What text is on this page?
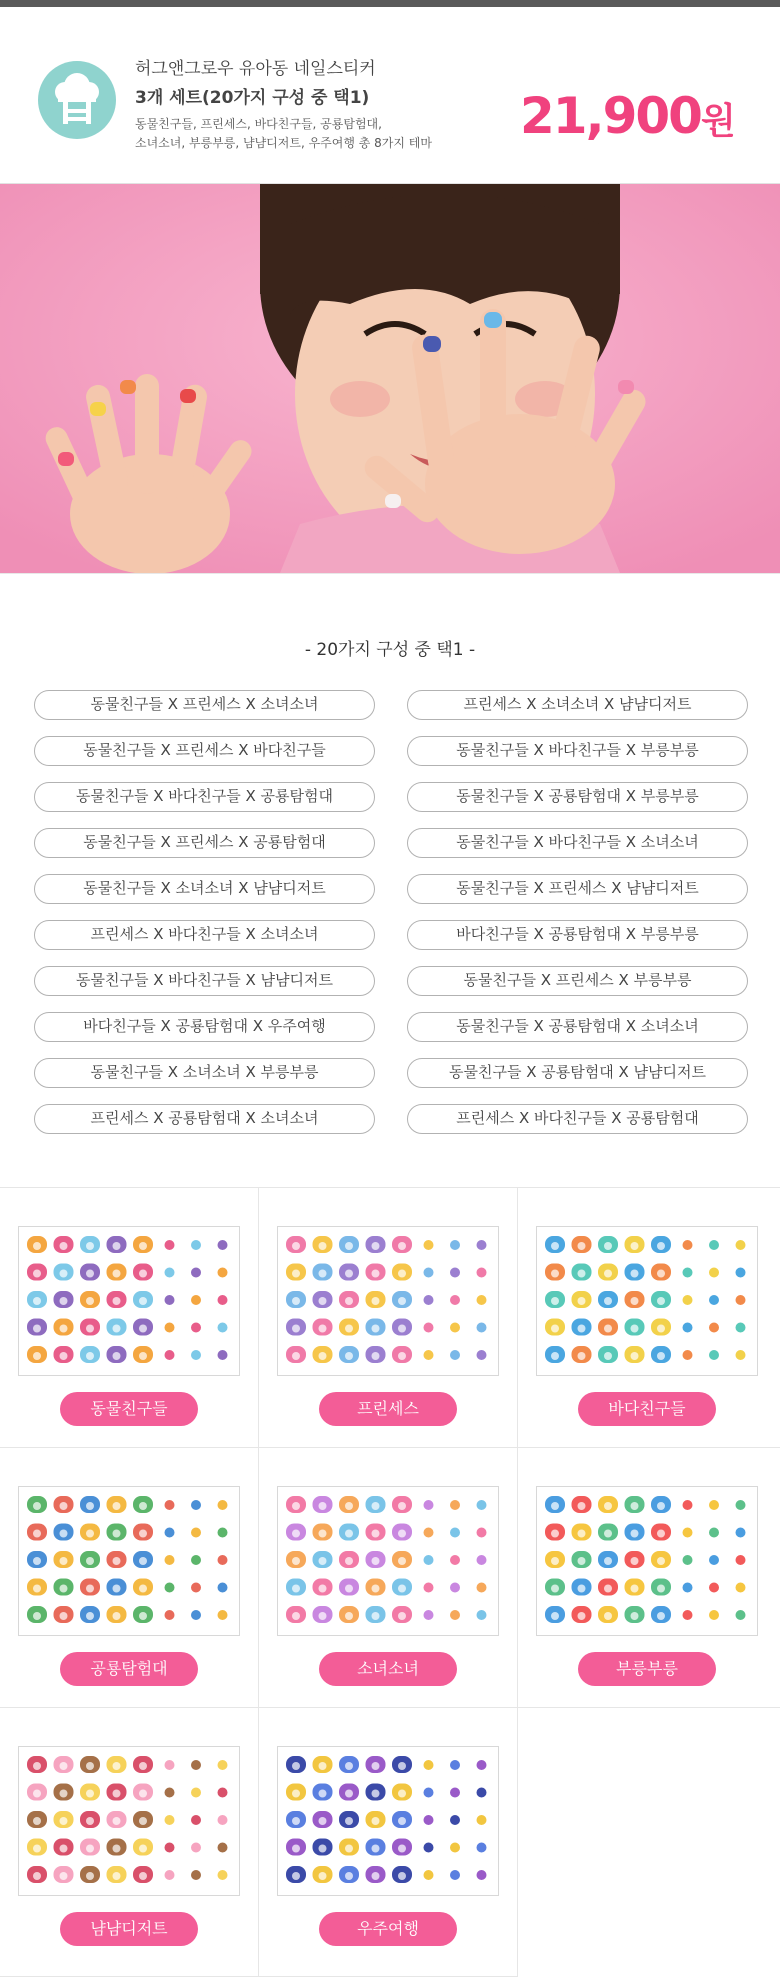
허그앤그로우 유아동 네일스티커
3개 세트(20가지 구성 중 택1)
동물친구들, 프린세스, 바다친구들, 공룡탐험대,
소녀소녀, 부릉부릉, 냠냠디저트, 우주여행 총 8가지 테마 21,900원
- 20가지 구성 중 택1 -
동물친구들 X 프린세스 X 소녀소녀	프린세스 X 소녀소녀 X 냠냠디저트
동물친구들 X 프린세스 X 바다친구들	동물친구들 X 바다친구들 X 부릉부릉
동물친구들 X 바다친구들 X 공룡탐험대	동물친구들 X 공룡탐험대 X 부릉부릉
동물친구들 X 프린세스 X 공룡탐험대	동물친구들 X 바다친구들 X 소녀소녀
동물친구들 X 소녀소녀 X 냠냠디저트	동물친구들 X 프린세스 X 냠냠디저트
프린세스 X 바다친구들 X 소녀소녀	바다친구들 X 공룡탐험대 X 부릉부릉
동물친구들 X 바다친구들 X 냠냠디저트	동물친구들 X 프린세스 X 부릉부릉
바다친구들 X 공룡탐험대 X 우주여행	동물친구들 X 공룡탐험대 X 소녀소녀
동물친구들 X 소녀소녀 X 부릉부릉	동물친구들 X 공룡탐험대 X 냠냠디저트
프린세스 X 공룡탐험대 X 소녀소녀	프린세스 X 바다친구들 X 공룡탐험대
동물친구들	프린세스	바다친구들
공룡탐험대	소녀소녀	부릉부릉
냠냠디저트	우주여행
